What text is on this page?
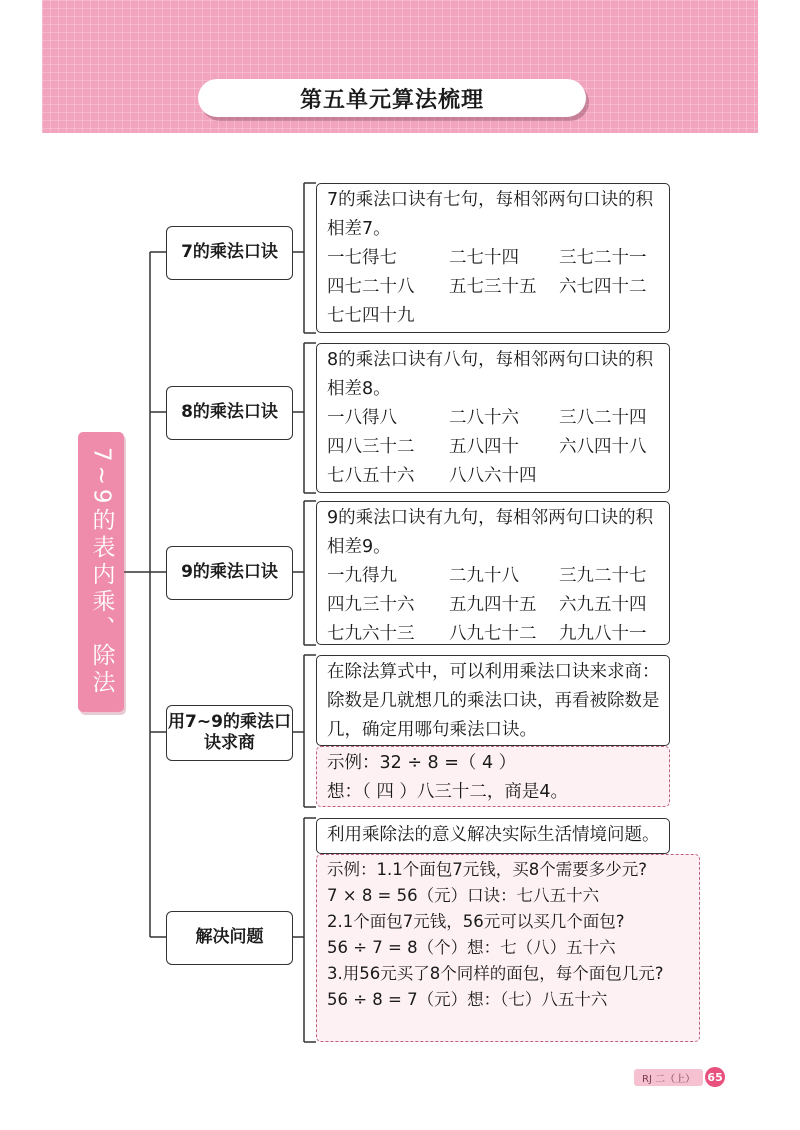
第五单元算法梳理
7~9的表内乘、除法
7的乘法口诀
8的乘法口诀
9的乘法口诀
用7~9的乘法口诀求商
解决问题
7的乘法口诀有七句，每相邻两句口诀的积相差7。
一七得七	二七十四	三七二十一
四七二十八	五七三十五	六七四十二
七七四十九
8的乘法口诀有八句，每相邻两句口诀的积相差8。
一八得八	二八十六	三八二十四
四八三十二	五八四十	六八四十八
七八五十六	八八六十四
9的乘法口诀有九句，每相邻两句口诀的积相差9。
一九得九	二九十八	三九二十七
四九三十六	五九四十五	六九五十四
七九六十三	八九七十二	九九八十一
在除法算式中，可以利用乘法口诀来求商：除数是几就想几的乘法口诀，再看被除数是几，确定用哪句乘法口诀。
示例：32 ÷ 8 =（ 4 ）
想：（ 四 ）八三十二，商是4。
利用乘除法的意义解决实际生活情境问题。
示例：1.1个面包7元钱，买8个需要多少元?
7 × 8 = 56（元）口诀：七八五十六
2.1个面包7元钱，56元可以买几个面包?
56 ÷ 7 = 8（个）想：七（八）五十六
3.用56元买了8个同样的面包，每个面包几元?
56 ÷ 8 = 7（元）想：（七）八五十六
RJ 二（上）	65
